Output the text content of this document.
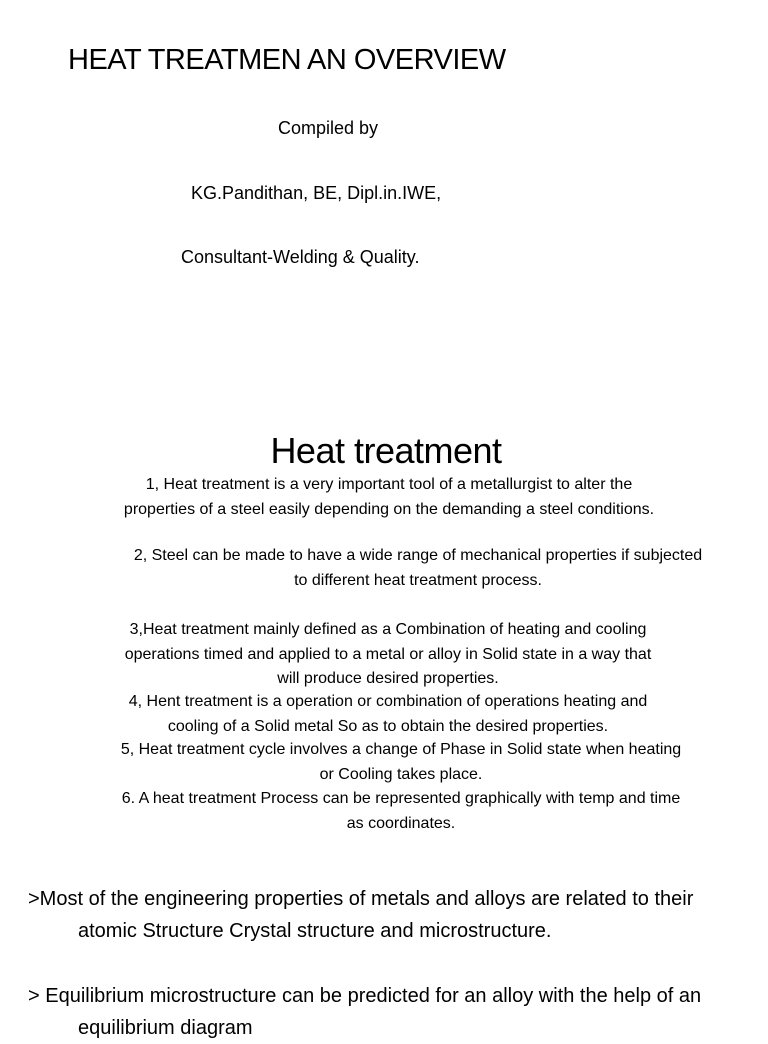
HEAT TREATMEN AN OVERVIEW
Compiled by
KG.Pandithan, BE, Dipl.in.IWE,
Consultant-Welding & Quality.
Heat treatment
1, Heat treatment is a very important tool of a metallurgist to alter the
properties of a steel easily depending on the demanding a steel conditions.
2, Steel can be made to have a wide range of mechanical properties if subjected
to different heat treatment process.
3,Heat treatment mainly defined as a Combination of heating and cooling
operations timed and applied to a metal or alloy in Solid state in a way that
will produce desired properties.
4, Hent treatment is a operation or combination of operations heating and
cooling of a Solid metal So as to obtain the desired properties.
5, Heat treatment cycle involves a change of Phase in Solid state when heating
or Cooling takes place.
6. A heat treatment Process can be represented graphically with temp and time
as coordinates.
>Most of the engineering properties of metals and alloys are related to their
atomic Structure Crystal structure and microstructure.
> Equilibrium microstructure can be predicted for an alloy with the help of an
equilibrium diagram
